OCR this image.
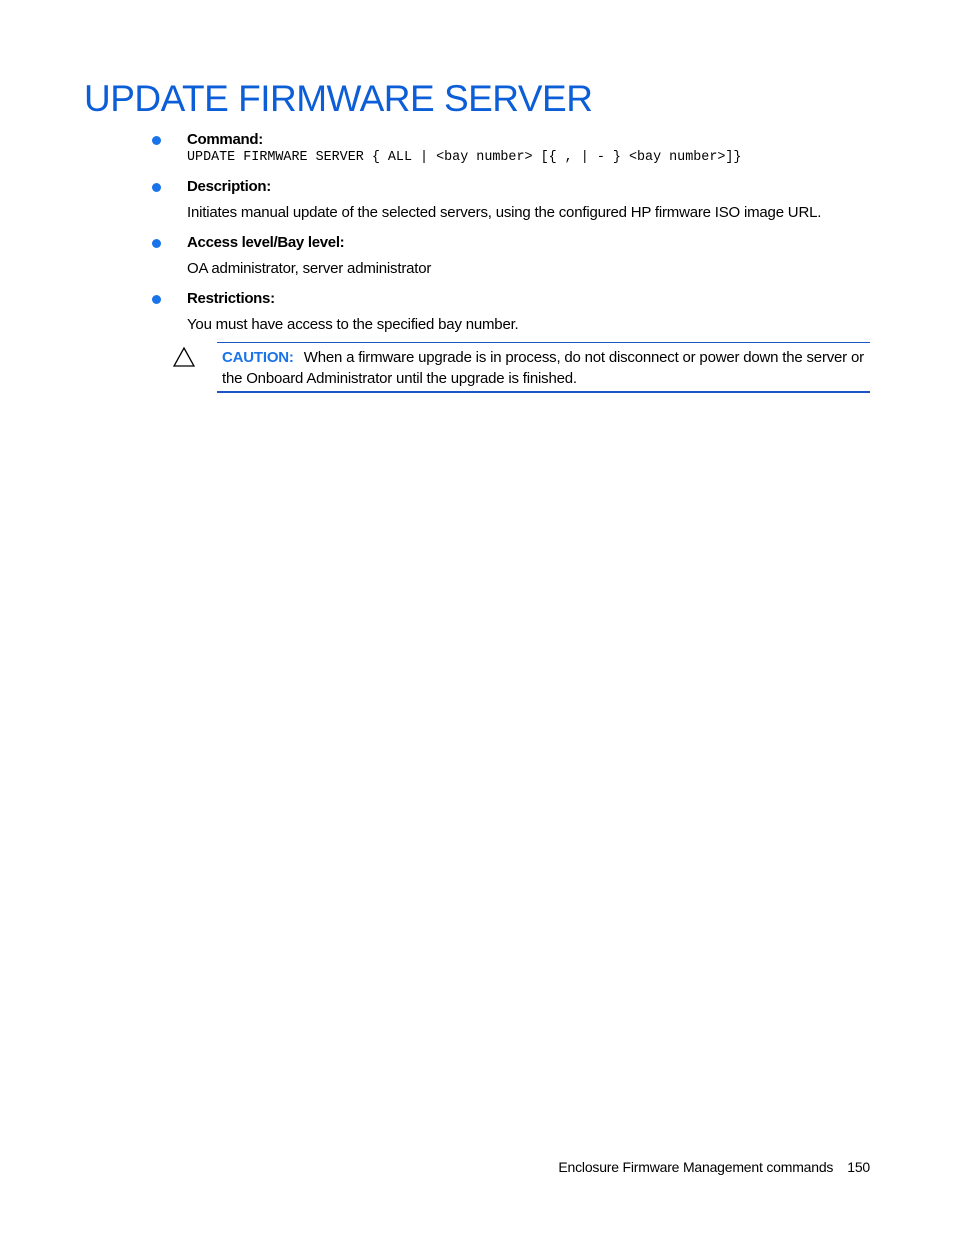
UPDATE FIRMWARE SERVER
Command:
UPDATE FIRMWARE SERVER { ALL | <bay number> [{ , | - } <bay number>]}
Description:
Initiates manual update of the selected servers, using the configured HP firmware ISO image URL.
Access level/Bay level:
OA administrator, server administrator
Restrictions:
You must have access to the specified bay number.
CAUTION: When a firmware upgrade is in process, do not disconnect or power down the server or the Onboard Administrator until the upgrade is finished.
Enclosure Firmware Management commands 150
